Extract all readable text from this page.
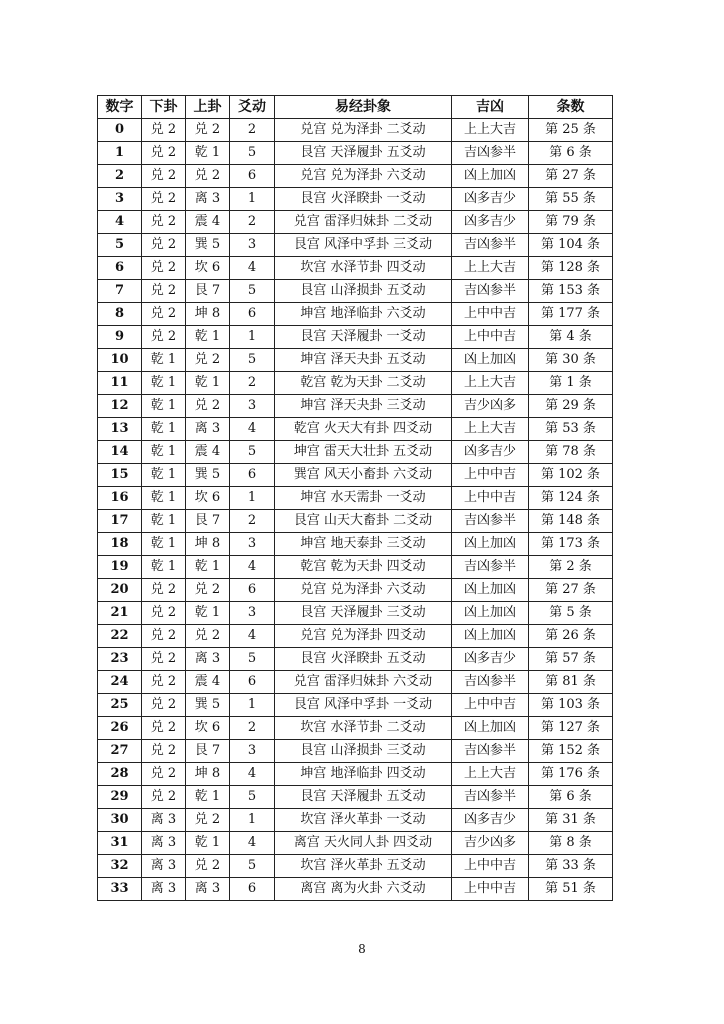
数字	下卦	上卦	爻动	易经卦象	吉凶	条数
0	兑 2	兑 2	2	兑宫 兑为泽卦 二爻动	上上大吉	第 25 条
1	兑 2	乾 1	5	艮宫 天泽履卦 五爻动	吉凶参半	第 6 条
2	兑 2	兑 2	6	兑宫 兑为泽卦 六爻动	凶上加凶	第 27 条
3	兑 2	离 3	1	艮宫 火泽睽卦 一爻动	凶多吉少	第 55 条
4	兑 2	震 4	2	兑宫 雷泽归妹卦 二爻动	凶多吉少	第 79 条
5	兑 2	巽 5	3	艮宫 风泽中孚卦 三爻动	吉凶参半	第 104 条
6	兑 2	坎 6	4	坎宫 水泽节卦 四爻动	上上大吉	第 128 条
7	兑 2	艮 7	5	艮宫 山泽损卦 五爻动	吉凶参半	第 153 条
8	兑 2	坤 8	6	坤宫 地泽临卦 六爻动	上中中吉	第 177 条
9	兑 2	乾 1	1	艮宫 天泽履卦 一爻动	上中中吉	第 4 条
10	乾 1	兑 2	5	坤宫 泽天夬卦 五爻动	凶上加凶	第 30 条
11	乾 1	乾 1	2	乾宫 乾为天卦 二爻动	上上大吉	第 1 条
12	乾 1	兑 2	3	坤宫 泽天夬卦 三爻动	吉少凶多	第 29 条
13	乾 1	离 3	4	乾宫 火天大有卦 四爻动	上上大吉	第 53 条
14	乾 1	震 4	5	坤宫 雷天大壮卦 五爻动	凶多吉少	第 78 条
15	乾 1	巽 5	6	巽宫 风天小畜卦 六爻动	上中中吉	第 102 条
16	乾 1	坎 6	1	坤宫 水天需卦 一爻动	上中中吉	第 124 条
17	乾 1	艮 7	2	艮宫 山天大畜卦 二爻动	吉凶参半	第 148 条
18	乾 1	坤 8	3	坤宫 地天泰卦 三爻动	凶上加凶	第 173 条
19	乾 1	乾 1	4	乾宫 乾为天卦 四爻动	吉凶参半	第 2 条
20	兑 2	兑 2	6	兑宫 兑为泽卦 六爻动	凶上加凶	第 27 条
21	兑 2	乾 1	3	艮宫 天泽履卦 三爻动	凶上加凶	第 5 条
22	兑 2	兑 2	4	兑宫 兑为泽卦 四爻动	凶上加凶	第 26 条
23	兑 2	离 3	5	艮宫 火泽睽卦 五爻动	凶多吉少	第 57 条
24	兑 2	震 4	6	兑宫 雷泽归妹卦 六爻动	吉凶参半	第 81 条
25	兑 2	巽 5	1	艮宫 风泽中孚卦 一爻动	上中中吉	第 103 条
26	兑 2	坎 6	2	坎宫 水泽节卦 二爻动	凶上加凶	第 127 条
27	兑 2	艮 7	3	艮宫 山泽损卦 三爻动	吉凶参半	第 152 条
28	兑 2	坤 8	4	坤宫 地泽临卦 四爻动	上上大吉	第 176 条
29	兑 2	乾 1	5	艮宫 天泽履卦 五爻动	吉凶参半	第 6 条
30	离 3	兑 2	1	坎宫 泽火革卦 一爻动	凶多吉少	第 31 条
31	离 3	乾 1	4	离宫 天火同人卦 四爻动	吉少凶多	第 8 条
32	离 3	兑 2	5	坎宫 泽火革卦 五爻动	上中中吉	第 33 条
33	离 3	离 3	6	离宫 离为火卦 六爻动	上中中吉	第 51 条
8
